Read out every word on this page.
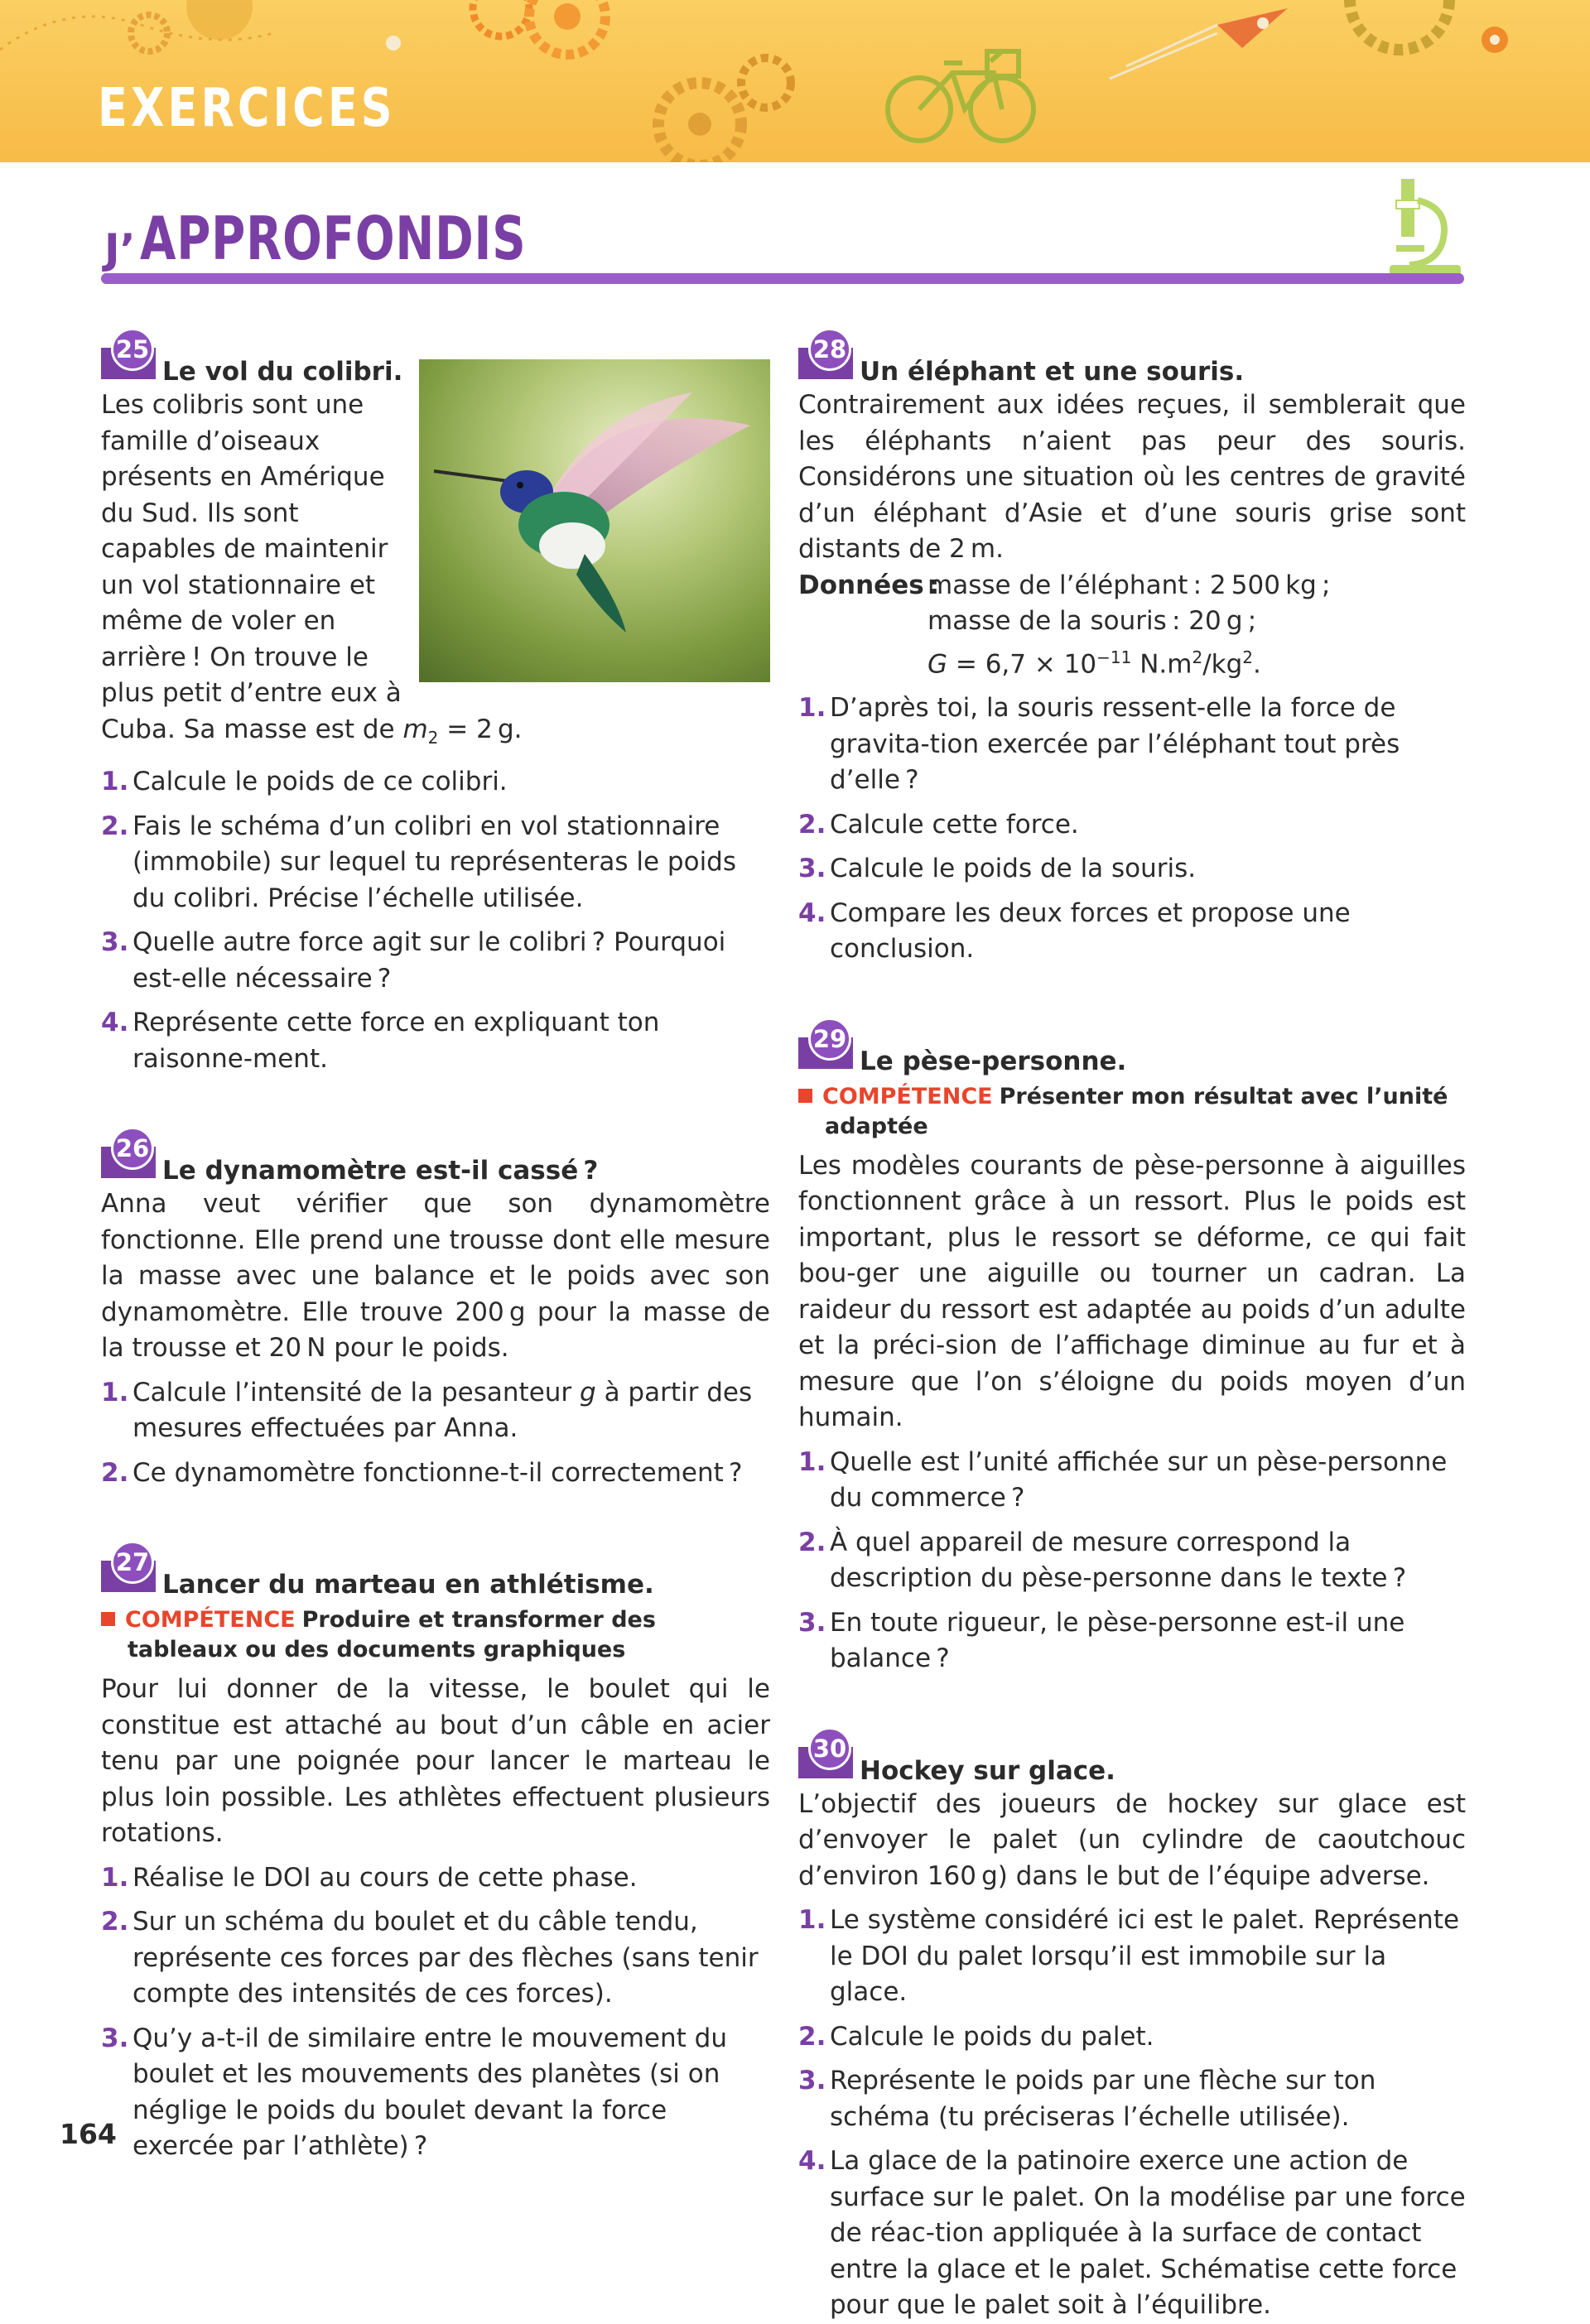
EXERCICES
J’ APPROFONDIS
25
Le vol du colibri.
Les colibris sont une famille d’oiseaux présents en Amérique du Sud. Ils sont capables de maintenir un vol stationnaire et même de voler en arrière ! On trouve le plus petit d’entre eux à
Cuba. Sa masse est de $m_2 = 2$ g.
1. Calcule le poids de ce colibri.
2. Fais le schéma d’un colibri en vol stationnaire (immobile) sur lequel tu représenteras le poids du colibri. Précise l’échelle utilisée.
3. Quelle autre force agit sur le colibri ? Pourquoi est-elle nécessaire ?
4. Représente cette force en expliquant ton raisonne-ment.
26
Le dynamomètre est-il cassé ?
Anna veut vérifier que son dynamomètre fonctionne. Elle prend une trousse dont elle mesure la masse avec une balance et le poids avec son dynamomètre. Elle trouve 200 g pour la masse de la trousse et 20 N pour le poids.
1. Calcule l’intensité de la pesanteur g à partir des mesures effectuées par Anna.
2. Ce dynamomètre fonctionne-t-il correctement ?
27
Lancer du marteau en athlétisme.
COMPÉTENCE Produire et transformer des tableaux ou des documents graphiques
Pour lui donner de la vitesse, le boulet qui le constitue est attaché au bout d’un câble en acier tenu par une poignée pour lancer le marteau le plus loin possible. Les athlètes effectuent plusieurs rotations.
1. Réalise le DOI au cours de cette phase.
2. Sur un schéma du boulet et du câble tendu, représente ces forces par des flèches (sans tenir compte des intensités de ces forces).
3. Qu’y a-t-il de similaire entre le mouvement du boulet et les mouvements des planètes (si on néglige le poids du boulet devant la force exercée par l’athlète) ?
28
Un éléphant et une souris.
Contrairement aux idées reçues, il semblerait que les éléphants n’aient pas peur des souris. Considérons une situation où les centres de gravité d’un éléphant d’Asie et d’une souris grise sont distants de 2 m.
Données :
masse de l’éléphant : 2 500 kg ;
masse de la souris : 20 g ;
$G = 6,7 \times 10^{-11}$ $N.m^2/kg^2$.
1. D’après toi, la souris ressent-elle la force de gravita-tion exercée par l’éléphant tout près d’elle ?
2. Calcule cette force.
3. Calcule le poids de la souris.
4. Compare les deux forces et propose une conclusion.
29
Le pèse-personne.
COMPÉTENCE Présenter mon résultat avec l’unité adaptée
Les modèles courants de pèse-personne à aiguilles fonctionnent grâce à un ressort. Plus le poids est important, plus le ressort se déforme, ce qui fait bou-ger une aiguille ou tourner un cadran. La raideur du ressort est adaptée au poids d’un adulte et la préci-sion de l’affichage diminue au fur et à mesure que l’on s’éloigne du poids moyen d’un humain.
1. Quelle est l’unité affichée sur un pèse-personne du commerce ?
2. À quel appareil de mesure correspond la description du pèse-personne dans le texte ?
3. En toute rigueur, le pèse-personne est-il une balance ?
30
Hockey sur glace.
L’objectif des joueurs de hockey sur glace est d’envoyer le palet (un cylindre de caoutchouc d’environ 160 g) dans le but de l’équipe adverse.
1. Le système considéré ici est le palet. Représente le DOI du palet lorsqu’il est immobile sur la glace.
2. Calcule le poids du palet.
3. Représente le poids par une flèche sur ton schéma (tu préciseras l’échelle utilisée).
4. La glace de la patinoire exerce une action de surface sur le palet. On la modélise par une force de réac-tion appliquée à la surface de contact entre la glace et le palet. Schématise cette force pour que le palet soit à l’équilibre.
164
